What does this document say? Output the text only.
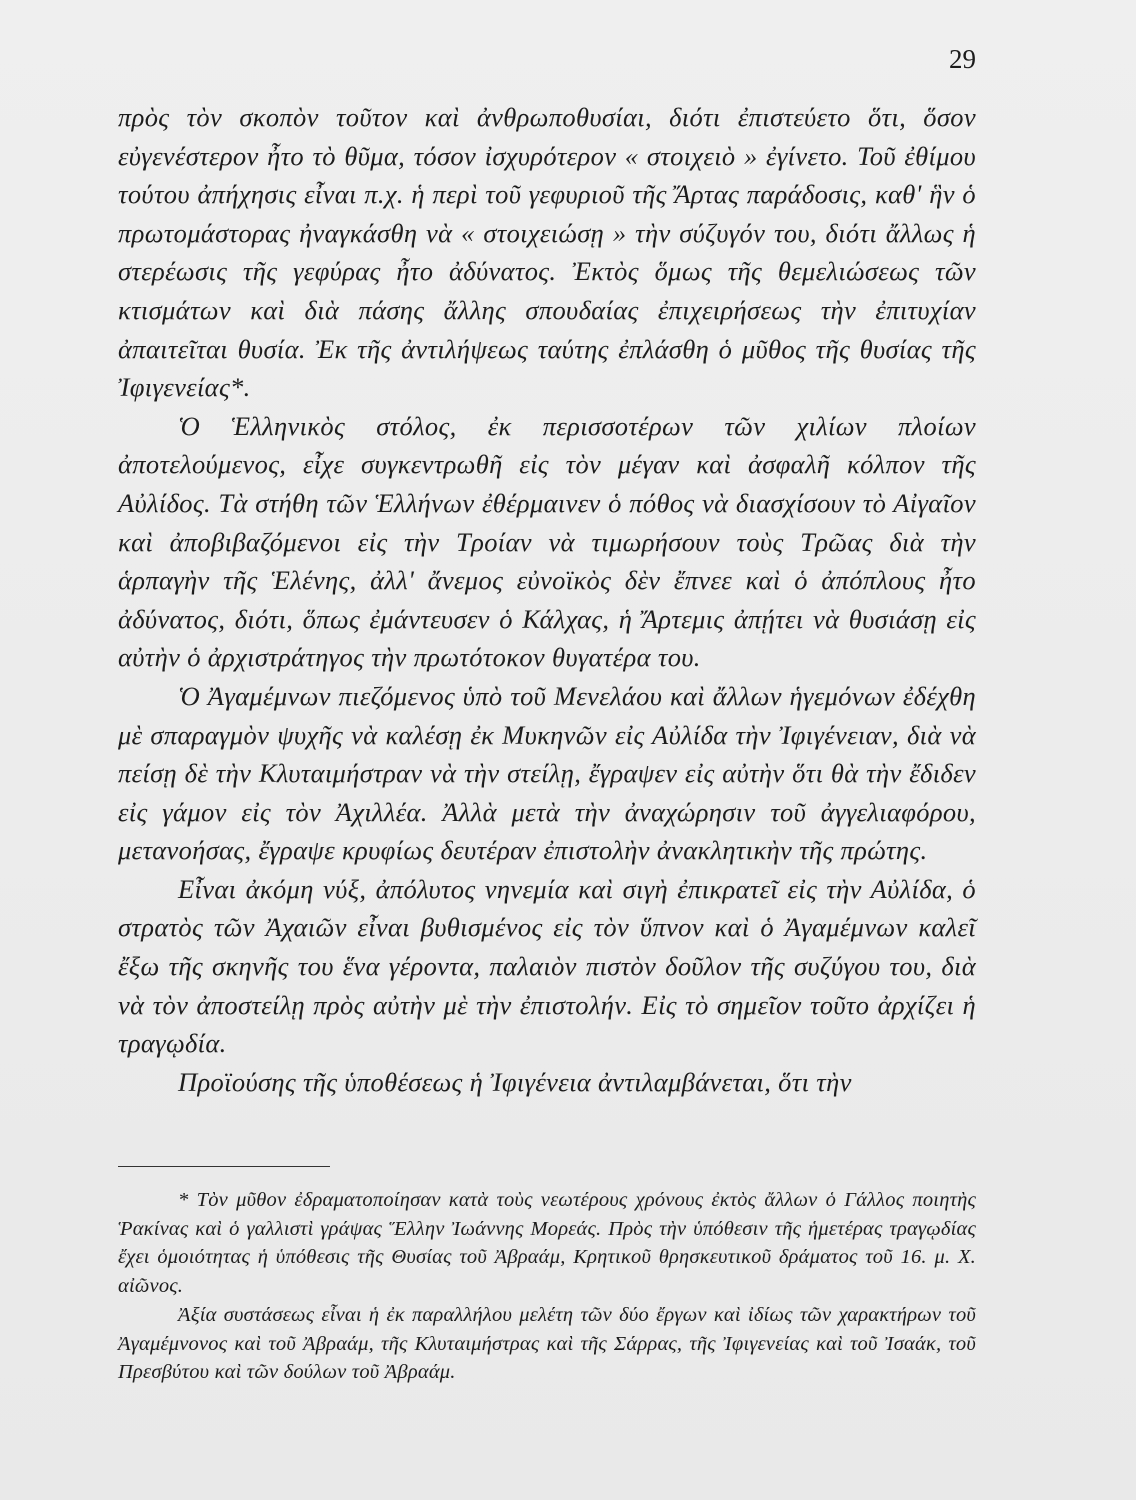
29

πρὸς τὸν σκοπὸν τοῦτον καὶ ἀνθρωποθυσίαι, διότι ἐπιστεύετο ὅτι, ὅσον εὐγενέστερον ἦτο τὸ θῦμα, τόσον ἰσχυρότερον « στοιχειὸ » ἐγίνετο. Τοῦ ἐθίμου τούτου ἀπήχησις εἶναι π.χ. ἡ περὶ τοῦ γεφυριοῦ τῆς Ἄρτας παράδοσις, καθ' ἣν ὁ πρωτομάστορας ἠναγκάσθη νὰ « στοιχειώσῃ » τὴν σύζυγόν του, διότι ἄλλως ἡ στερέωσις τῆς γεφύρας ἦτο ἀδύνατος. Ἐκτὸς ὅμως τῆς θεμελιώσεως τῶν κτισμάτων καὶ διὰ πάσης ἄλλης σπουδαίας ἐπιχειρήσεως τὴν ἐπιτυχίαν ἀπαιτεῖται θυσία. Ἐκ τῆς ἀντιλήψεως ταύτης ἐπλάσθη ὁ μῦθος τῆς θυσίας τῆς Ἰφιγενείας*.

Ὁ Ἑλληνικὸς στόλος, ἐκ περισσοτέρων τῶν χιλίων πλοίων ἀποτελούμενος, εἶχε συγκεντρωθῆ εἰς τὸν μέγαν καὶ ἀσφαλῆ κόλπον τῆς Αὐλίδος. Τὰ στήθη τῶν Ἑλλήνων ἐθέρμαινεν ὁ πόθος νὰ διασχίσουν τὸ Αἰγαῖον καὶ ἀποβιβαζόμενοι εἰς τὴν Τροίαν νὰ τιμωρήσουν τοὺς Τρῶας διὰ τὴν ἁρπαγὴν τῆς Ἑλένης, ἀλλ' ἄνεμος εὐνοϊκὸς δὲν ἔπνεε καὶ ὁ ἀπόπλους ἦτο ἀδύνατος, διότι, ὅπως ἐμάντευσεν ὁ Κάλχας, ἡ Ἄρτεμις ἀπῄτει νὰ θυσιάσῃ εἰς αὐτὴν ὁ ἀρχιστράτηγος τὴν πρωτότοκον θυγατέρα του.

Ὁ Ἀγαμέμνων πιεζόμενος ὑπὸ τοῦ Μενελάου καὶ ἄλλων ἡγεμόνων ἐδέχθη μὲ σπαραγμὸν ψυχῆς νὰ καλέσῃ ἐκ Μυκηνῶν εἰς Αὐλίδα τὴν Ἰφιγένειαν, διὰ νὰ πείσῃ δὲ τὴν Κλυταιμήστραν νὰ τὴν στείλῃ, ἔγραψεν εἰς αὐτὴν ὅτι θὰ τὴν ἔδιδεν εἰς γάμον εἰς τὸν Ἀχιλλέα. Ἀλλὰ μετὰ τὴν ἀναχώρησιν τοῦ ἀγγελιαφόρου, μετανοήσας, ἔγραψε κρυφίως δευτέραν ἐπιστολὴν ἀνακλητικὴν τῆς πρώτης.

Εἶναι ἀκόμη νύξ, ἀπόλυτος νηνεμία καὶ σιγὴ ἐπικρατεῖ εἰς τὴν Αὐλίδα, ὁ στρατὸς τῶν Ἀχαιῶν εἶναι βυθισμένος εἰς τὸν ὕπνον καὶ ὁ Ἀγαμέμνων καλεῖ ἔξω τῆς σκηνῆς του ἕνα γέροντα, παλαιὸν πιστὸν δοῦλον τῆς συζύγου του, διὰ νὰ τὸν ἀποστείλῃ πρὸς αὐτὴν μὲ τὴν ἐπιστολήν. Εἰς τὸ σημεῖον τοῦτο ἀρχίζει ἡ τραγῳδία.

Προϊούσης τῆς ὑποθέσεως ἡ Ἰφιγένεια ἀντιλαμβάνεται, ὅτι τὴν

* Τὸν μῦθον ἐδραματοποίησαν κατὰ τοὺς νεωτέρους χρόνους ἐκτὸς ἄλλων ὁ Γάλλος ποιητὴς Ῥακίνας καὶ ὁ γαλλιστὶ γράψας Ἕλλην Ἰωάννης Μορεάς. Πρὸς τὴν ὑπόθεσιν τῆς ἡμετέρας τραγῳδίας ἔχει ὁμοιότητας ἡ ὑπόθεσις τῆς Θυσίας τοῦ Ἀβραάμ, Κρητικοῦ θρησκευτικοῦ δράματος τοῦ 16. μ. Χ. αἰῶνος.

Ἀξία συστάσεως εἶναι ἡ ἐκ παραλλήλου μελέτη τῶν δύο ἔργων καὶ ἰδίως τῶν χαρακτήρων τοῦ Ἀγαμέμνονος καὶ τοῦ Ἀβραάμ, τῆς Κλυταιμήστρας καὶ τῆς Σάρρας, τῆς Ἰφιγενείας καὶ τοῦ Ἰσαάκ, τοῦ Πρεσβύτου καὶ τῶν δούλων τοῦ Ἀβραάμ.
